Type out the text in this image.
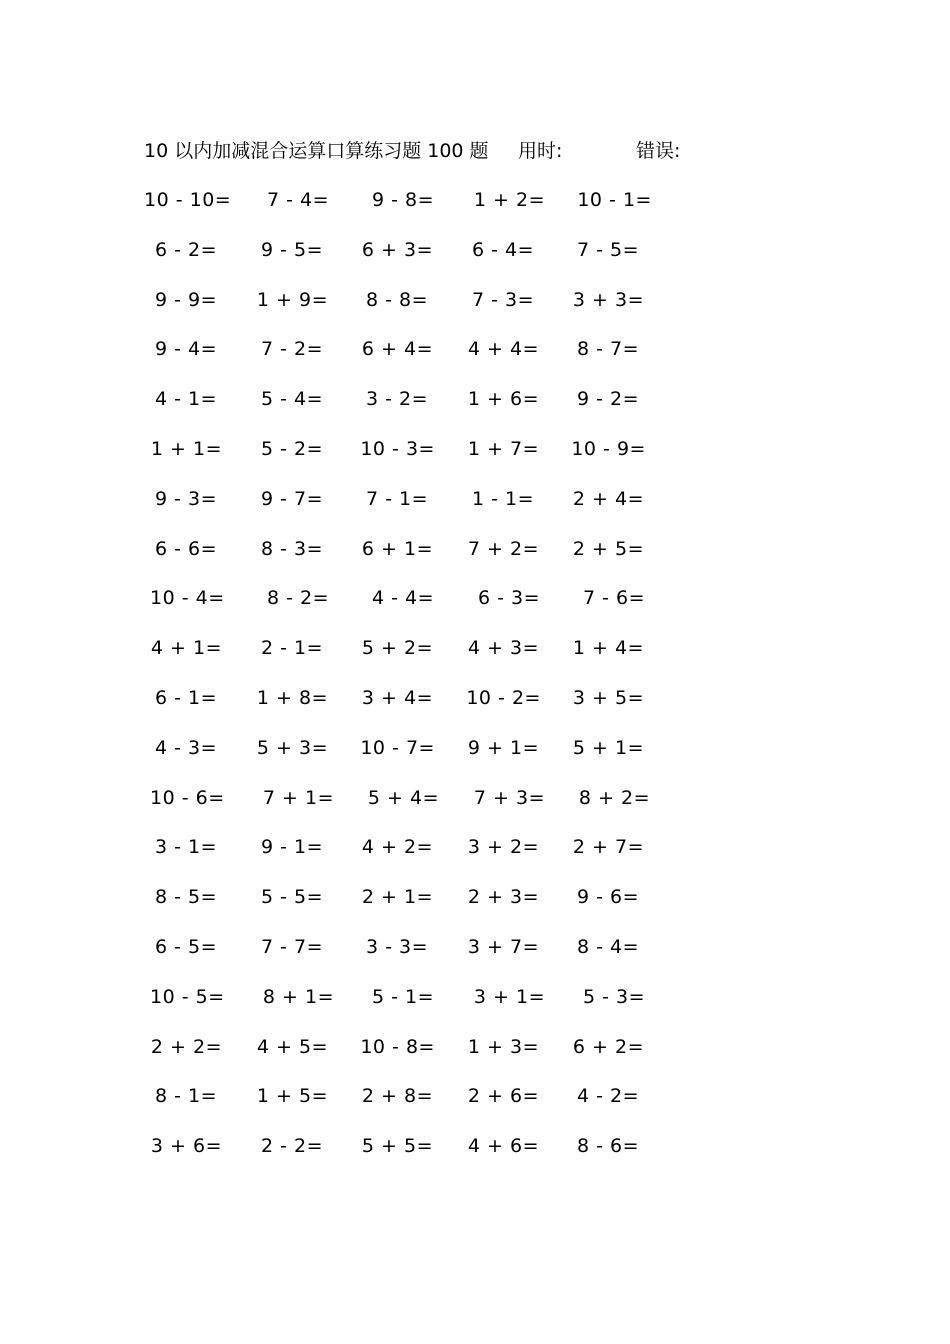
10 以内加减混合运算口算练习题 100 题 用时:	错误:
10 - 10= 7 - 4= 9 - 8= 1 + 2= 10 - 1=
6 - 2= 9 - 5= 6 + 3= 6 - 4= 7 - 5=
9 - 9= 1 + 9= 8 - 8= 7 - 3= 3 + 3=
9 - 4= 7 - 2= 6 + 4= 4 + 4= 8 - 7=
4 - 1= 5 - 4= 3 - 2= 1 + 6= 9 - 2=
1 + 1= 5 - 2= 10 - 3= 1 + 7= 10 - 9=
9 - 3= 9 - 7= 7 - 1= 1 - 1= 2 + 4=
6 - 6= 8 - 3= 6 + 1= 7 + 2= 2 + 5=
10 - 4= 8 - 2= 4 - 4= 6 - 3= 7 - 6=
4 + 1= 2 - 1= 5 + 2= 4 + 3= 1 + 4=
6 - 1= 1 + 8= 3 + 4= 10 - 2= 3 + 5=
4 - 3= 5 + 3= 10 - 7= 9 + 1= 5 + 1=
10 - 6= 7 + 1= 5 + 4= 7 + 3= 8 + 2=
3 - 1= 9 - 1= 4 + 2= 3 + 2= 2 + 7=
8 - 5= 5 - 5= 2 + 1= 2 + 3= 9 - 6=
6 - 5= 7 - 7= 3 - 3= 3 + 7= 8 - 4=
10 - 5= 8 + 1= 5 - 1= 3 + 1= 5 - 3=
2 + 2= 4 + 5= 10 - 8= 1 + 3= 6 + 2=
8 - 1= 1 + 5= 2 + 8= 2 + 6= 4 - 2=
3 + 6= 2 - 2= 5 + 5= 4 + 6= 8 - 6=
